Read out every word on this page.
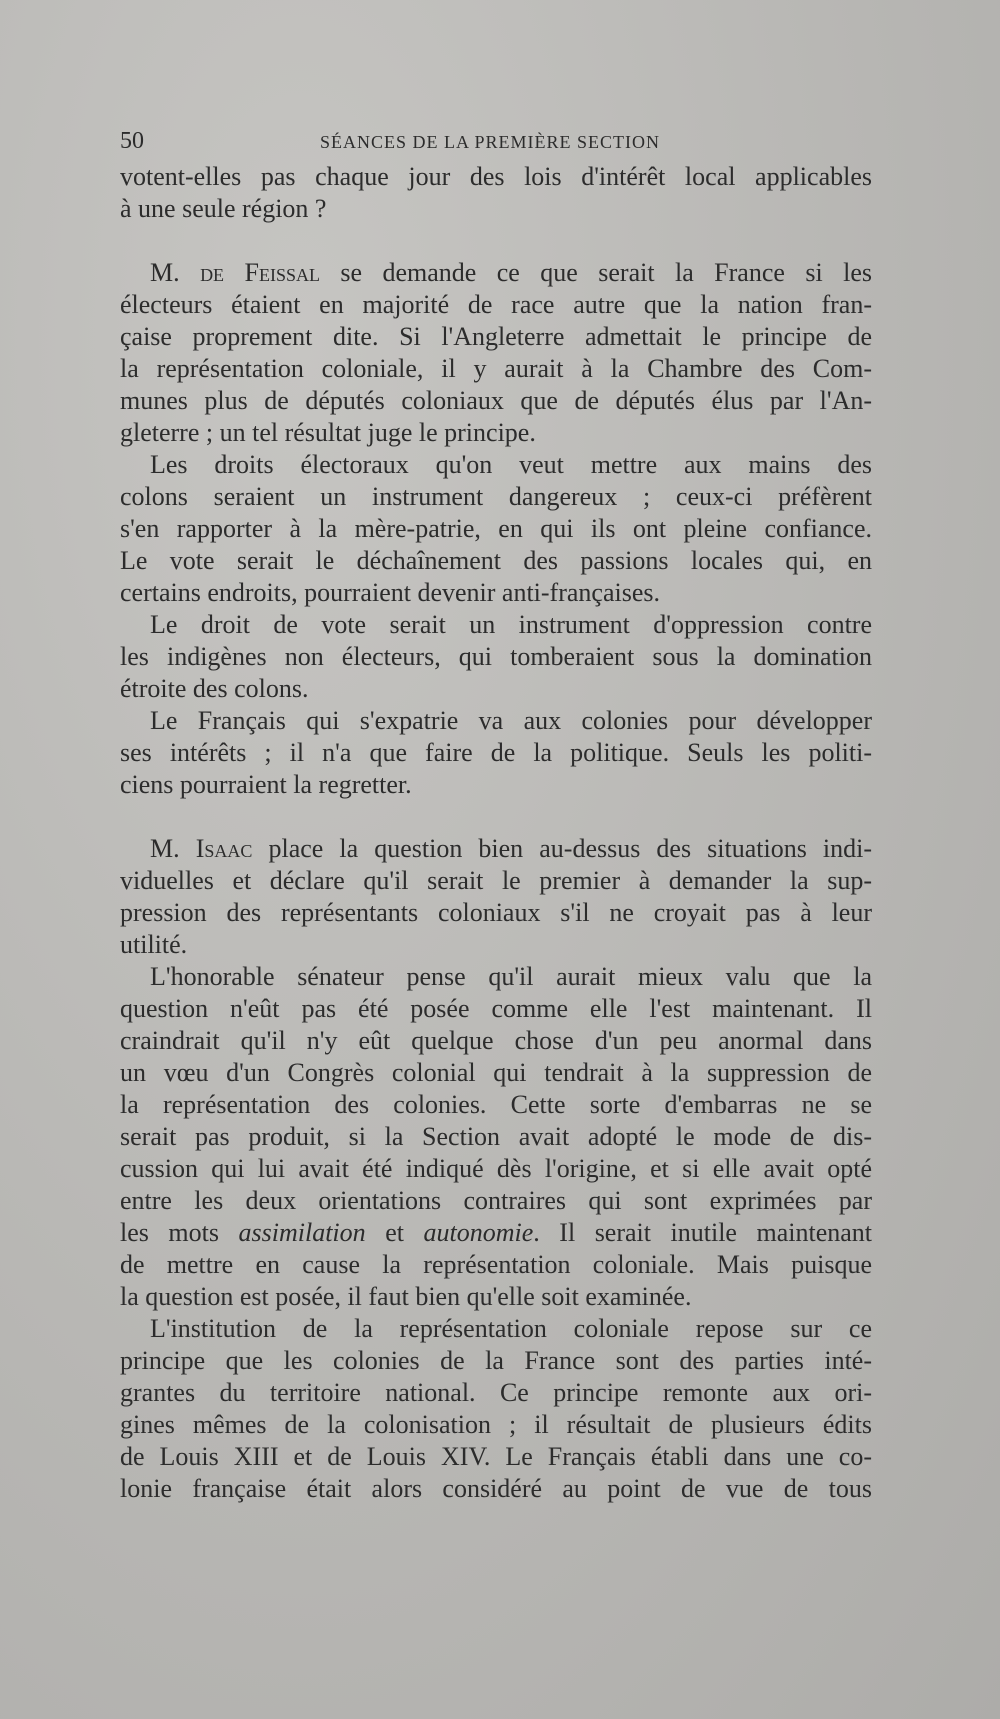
50	SÉANCES DE LA PREMIÈRE SECTION
votent-elles pas chaque jour des lois d'intérêt local applicables
à une seule région ?
M. de Feissal se demande ce que serait la France si les
électeurs étaient en majorité de race autre que la nation fran-
çaise proprement dite. Si l'Angleterre admettait le principe de
la représentation coloniale, il y aurait à la Chambre des Com-
munes plus de députés coloniaux que de députés élus par l'An-
gleterre ; un tel résultat juge le principe.
Les droits électoraux qu'on veut mettre aux mains des
colons seraient un instrument dangereux ; ceux-ci préfèrent
s'en rapporter à la mère-patrie, en qui ils ont pleine confiance.
Le vote serait le déchaînement des passions locales qui, en
certains endroits, pourraient devenir anti-françaises.
Le droit de vote serait un instrument d'oppression contre
les indigènes non électeurs, qui tomberaient sous la domination
étroite des colons.
Le Français qui s'expatrie va aux colonies pour développer
ses intérêts ; il n'a que faire de la politique. Seuls les politi-
ciens pourraient la regretter.
M. Isaac place la question bien au-dessus des situations indi-
viduelles et déclare qu'il serait le premier à demander la sup-
pression des représentants coloniaux s'il ne croyait pas à leur
utilité.
L'honorable sénateur pense qu'il aurait mieux valu que la
question n'eût pas été posée comme elle l'est maintenant. Il
craindrait qu'il n'y eût quelque chose d'un peu anormal dans
un vœu d'un Congrès colonial qui tendrait à la suppression de
la représentation des colonies. Cette sorte d'embarras ne se
serait pas produit, si la Section avait adopté le mode de dis-
cussion qui lui avait été indiqué dès l'origine, et si elle avait opté
entre les deux orientations contraires qui sont exprimées par
les mots assimilation et autonomie. Il serait inutile maintenant
de mettre en cause la représentation coloniale. Mais puisque
la question est posée, il faut bien qu'elle soit examinée.
L'institution de la représentation coloniale repose sur ce
principe que les colonies de la France sont des parties inté-
grantes du territoire national. Ce principe remonte aux ori-
gines mêmes de la colonisation ; il résultait de plusieurs édits
de Louis XIII et de Louis XIV. Le Français établi dans une co-
lonie française était alors considéré au point de vue de tous
